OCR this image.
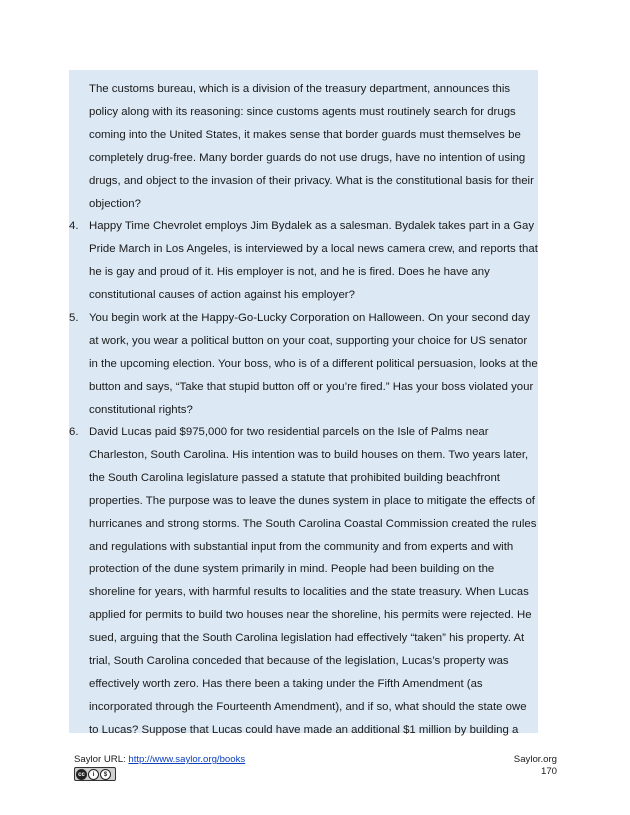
The customs bureau, which is a division of the treasury department, announces this policy along with its reasoning: since customs agents must routinely search for drugs coming into the United States, it makes sense that border guards must themselves be completely drug-free. Many border guards do not use drugs, have no intention of using drugs, and object to the invasion of their privacy. What is the constitutional basis for their objection?

4. Happy Time Chevrolet employs Jim Bydalek as a salesman. Bydalek takes part in a Gay Pride March in Los Angeles, is interviewed by a local news camera crew, and reports that he is gay and proud of it. His employer is not, and he is fired. Does he have any constitutional causes of action against his employer?
5. You begin work at the Happy-Go-Lucky Corporation on Halloween. On your second day at work, you wear a political button on your coat, supporting your choice for US senator in the upcoming election. Your boss, who is of a different political persuasion, looks at the button and says, “Take that stupid button off or you’re fired.” Has your boss violated your constitutional rights?
6. David Lucas paid $975,000 for two residential parcels on the Isle of Palms near Charleston, South Carolina. His intention was to build houses on them. Two years later, the South Carolina legislature passed a statute that prohibited building beachfront properties. The purpose was to leave the dunes system in place to mitigate the effects of hurricanes and strong storms. The South Carolina Coastal Commission created the rules and regulations with substantial input from the community and from experts and with protection of the dune system primarily in mind. People had been building on the shoreline for years, with harmful results to localities and the state treasury. When Lucas applied for permits to build two houses near the shoreline, his permits were rejected. He sued, arguing that the South Carolina legislation had effectively “taken” his property. At trial, South Carolina conceded that because of the legislation, Lucas’s property was effectively worth zero. Has there been a taking under the Fifth Amendment (as incorporated through the Fourteenth Amendment), and if so, what should the state owe to Lucas? Suppose that Lucas could have made an additional $1 million by building a
Saylor URL: http://www.saylor.org/books
cc	i	$
Saylor.org
170
